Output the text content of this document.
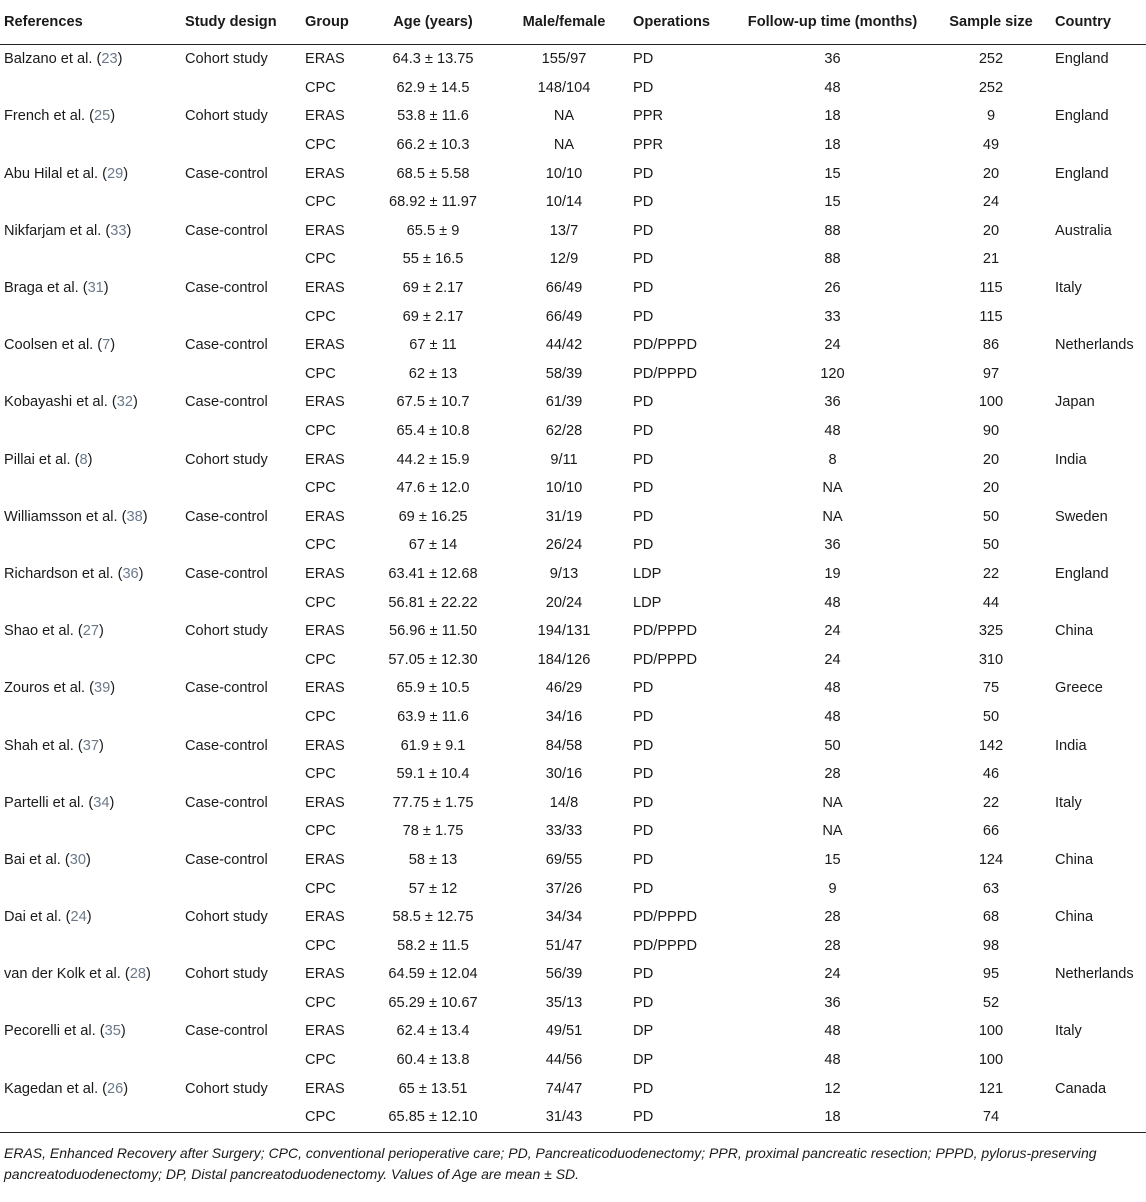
References	Study design	Group	Age (years)	Male/female	Operations	Follow-up time (months)	Sample size	Country
Balzano et al. (23)	Cohort study	ERAS	64.3 ± 13.75	155/97	PD	36	252	England
		CPC	62.9 ± 14.5	148/104	PD	48	252	
French et al. (25)	Cohort study	ERAS	53.8 ± 11.6	NA	PPR	18	9	England
		CPC	66.2 ± 10.3	NA	PPR	18	49	
Abu Hilal et al. (29)	Case-control	ERAS	68.5 ± 5.58	10/10	PD	15	20	England
		CPC	68.92 ± 11.97	10/14	PD	15	24	
Nikfarjam et al. (33)	Case-control	ERAS	65.5 ± 9	13/7	PD	88	20	Australia
		CPC	55 ± 16.5	12/9	PD	88	21	
Braga et al. (31)	Case-control	ERAS	69 ± 2.17	66/49	PD	26	115	Italy
		CPC	69 ± 2.17	66/49	PD	33	115	
Coolsen et al. (7)	Case-control	ERAS	67 ± 11	44/42	PD/PPPD	24	86	Netherlands
		CPC	62 ± 13	58/39	PD/PPPD	120	97	
Kobayashi et al. (32)	Case-control	ERAS	67.5 ± 10.7	61/39	PD	36	100	Japan
		CPC	65.4 ± 10.8	62/28	PD	48	90	
Pillai et al. (8)	Cohort study	ERAS	44.2 ± 15.9	9/11	PD	8	20	India
		CPC	47.6 ± 12.0	10/10	PD	NA	20	
Williamsson et al. (38)	Case-control	ERAS	69 ± 16.25	31/19	PD	NA	50	Sweden
		CPC	67 ± 14	26/24	PD	36	50	
Richardson et al. (36)	Case-control	ERAS	63.41 ± 12.68	9/13	LDP	19	22	England
		CPC	56.81 ± 22.22	20/24	LDP	48	44	
Shao et al. (27)	Cohort study	ERAS	56.96 ± 11.50	194/131	PD/PPPD	24	325	China
		CPC	57.05 ± 12.30	184/126	PD/PPPD	24	310	
Zouros et al. (39)	Case-control	ERAS	65.9 ± 10.5	46/29	PD	48	75	Greece
		CPC	63.9 ± 11.6	34/16	PD	48	50	
Shah et al. (37)	Case-control	ERAS	61.9 ± 9.1	84/58	PD	50	142	India
		CPC	59.1 ± 10.4	30/16	PD	28	46	
Partelli et al. (34)	Case-control	ERAS	77.75 ± 1.75	14/8	PD	NA	22	Italy
		CPC	78 ± 1.75	33/33	PD	NA	66	
Bai et al. (30)	Case-control	ERAS	58 ± 13	69/55	PD	15	124	China
		CPC	57 ± 12	37/26	PD	9	63	
Dai et al. (24)	Cohort study	ERAS	58.5 ± 12.75	34/34	PD/PPPD	28	68	China
		CPC	58.2 ± 11.5	51/47	PD/PPPD	28	98	
van der Kolk et al. (28)	Cohort study	ERAS	64.59 ± 12.04	56/39	PD	24	95	Netherlands
		CPC	65.29 ± 10.67	35/13	PD	36	52	
Pecorelli et al. (35)	Case-control	ERAS	62.4 ± 13.4	49/51	DP	48	100	Italy
		CPC	60.4 ± 13.8	44/56	DP	48	100	
Kagedan et al. (26)	Cohort study	ERAS	65 ± 13.51	74/47	PD	12	121	Canada
		CPC	65.85 ± 12.10	31/43	PD	18	74	
ERAS, Enhanced Recovery after Surgery; CPC, conventional perioperative care; PD, Pancreaticoduodenectomy; PPR, proximal pancreatic resection; PPPD, pylorus-preserving pancreatoduodenectomy; DP, Distal pancreatoduodenectomy. Values of Age are mean ± SD.
